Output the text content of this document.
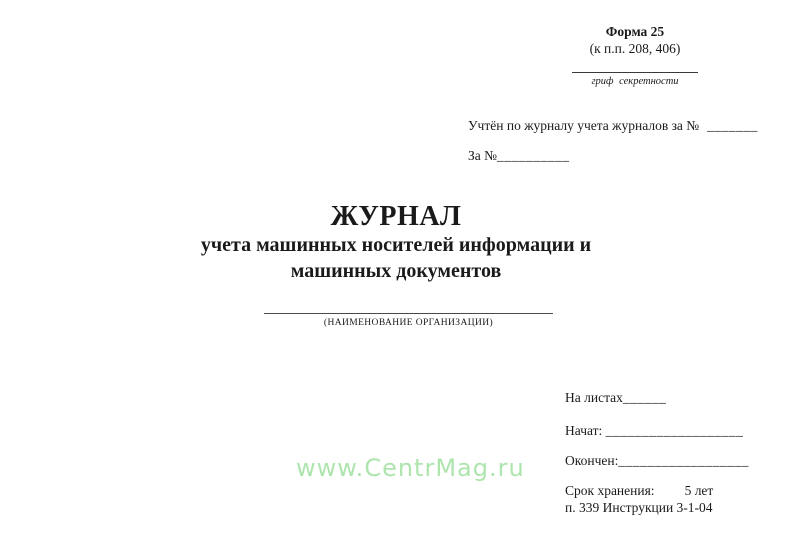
Форма 25
(к п.п. 208, 406)
гриф секретности

Учтён по журналу учета журналов за № _______

За №__________

ЖУРНАЛ
учета машинных носителей информации и
машинных документов
(НАИМЕНОВАНИЕ ОРГАНИЗАЦИИ)

На листах______

Начат: ___________________

Окончен:__________________

Срок хранения: 5 лет

п. 339 Инструкции 3-1-04

www.CentrMag.ru
